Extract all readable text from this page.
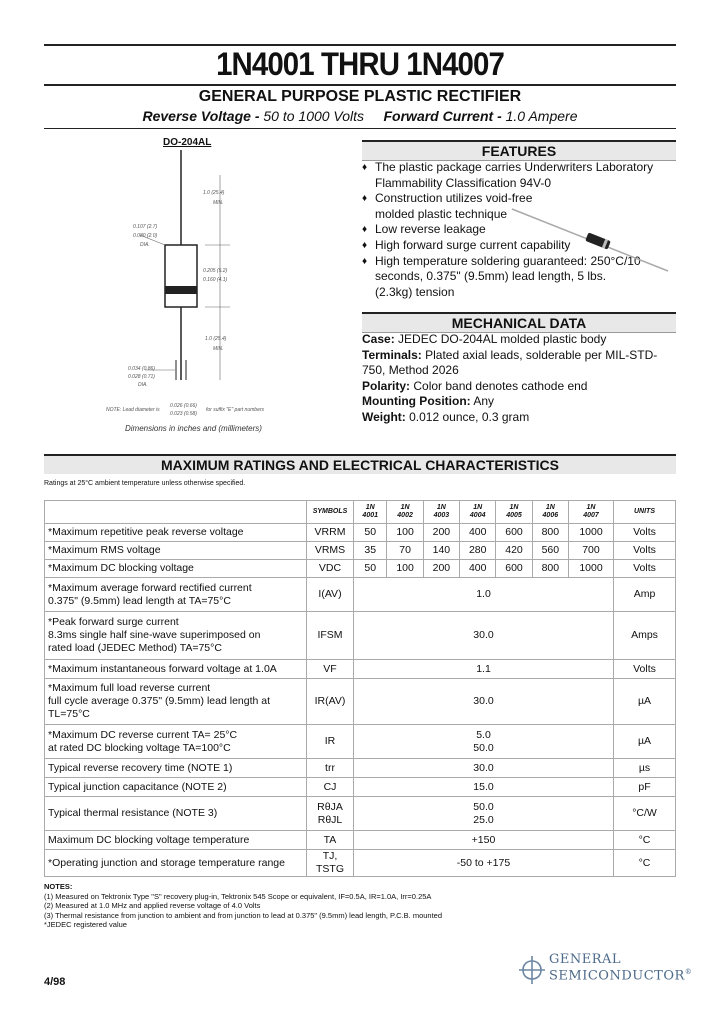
1N4001 THRU 1N4007
GENERAL PURPOSE PLASTIC RECTIFIER
Reverse Voltage - 50 to 1000 Volts Forward Current - 1.0 Ampere
DO-204AL
1.0 (25.4)
MIN.
0.107 (2.7)
0.080 (2.0)
DIA.
0.205 (5.2)
0.160 (4.1)
1.0 (25.4)
MIN.
0.034 (0.86)
0.028 (0.71)
DIA.
NOTE: Lead diameter is
0.026 (0.66)
0.023 (0.58)
for suffix "E" part numbers
Dimensions in inches and (millimeters)
FEATURES
♦ The plastic package carries Underwriters Laboratory Flammability Classification 94V-0
♦ Construction utilizes void-free molded plastic technique
♦ Low reverse leakage
♦ High forward surge current capability
♦ High temperature soldering guaranteed: 250°C/10 seconds, 0.375" (9.5mm) lead length, 5 lbs. (2.3kg) tension
MECHANICAL DATA
Case: JEDEC DO-204AL molded plastic body
Terminals: Plated axial leads, solderable per MIL-STD-750, Method 2026
Polarity: Color band denotes cathode end
Mounting Position: Any
Weight: 0.012 ounce, 0.3 gram
MAXIMUM RATINGS AND ELECTRICAL CHARACTERISTICS
Ratings at 25°C ambient temperature unless otherwise specified.
	SYMBOLS	1N
4001	1N
4002	1N
4003	1N
4004	1N
4005	1N
4006	1N
4007	UNITS
*Maximum repetitive peak reverse voltage	VRRM	50	100	200	400	600	800	1000	Volts
*Maximum RMS voltage	VRMS	35	70	140	280	420	560	700	Volts
*Maximum DC blocking voltage	VDC	50	100	200	400	600	800	1000	Volts
*Maximum average forward rectified current
0.375" (9.5mm) lead length at TA=75°C	I(AV)	1.0							Amp
*Peak forward surge current
8.3ms single half sine-wave superimposed on
rated load (JEDEC Method) TA=75°C	IFSM	30.0							Amps
*Maximum instantaneous forward voltage at 1.0A	VF	1.1							Volts
*Maximum full load reverse current
full cycle average 0.375" (9.5mm) lead length at
TL=75°C	IR(AV)	30.0							µA
*Maximum DC reverse current TA= 25°C
at rated DC blocking voltage TA=100°C	IR	5.0
50.0							µA
Typical reverse recovery time (NOTE 1)	trr	30.0							µs
Typical junction capacitance (NOTE 2)	CJ	15.0							pF
Typical thermal resistance (NOTE 3)	RθJA
RθJL	50.0
25.0							°C/W
Maximum DC blocking voltage temperature	TA	+150							°C
*Operating junction and storage temperature range	TJ, TSTG	-50 to +175							°C
NOTES:
(1) Measured on Tektronix Type "S" recovery plug-in, Tektronix 545 Scope or equivalent, IF=0.5A, IR=1.0A, Irr=0.25A
(2) Measured at 1.0 MHz and applied reverse voltage of 4.0 Volts
(3) Thermal resistance from junction to ambient and from junction to lead at 0.375" (9.5mm) lead length, P.C.B. mounted
*JEDEC registered value
4/98
GENERAL
SEMICONDUCTOR®
